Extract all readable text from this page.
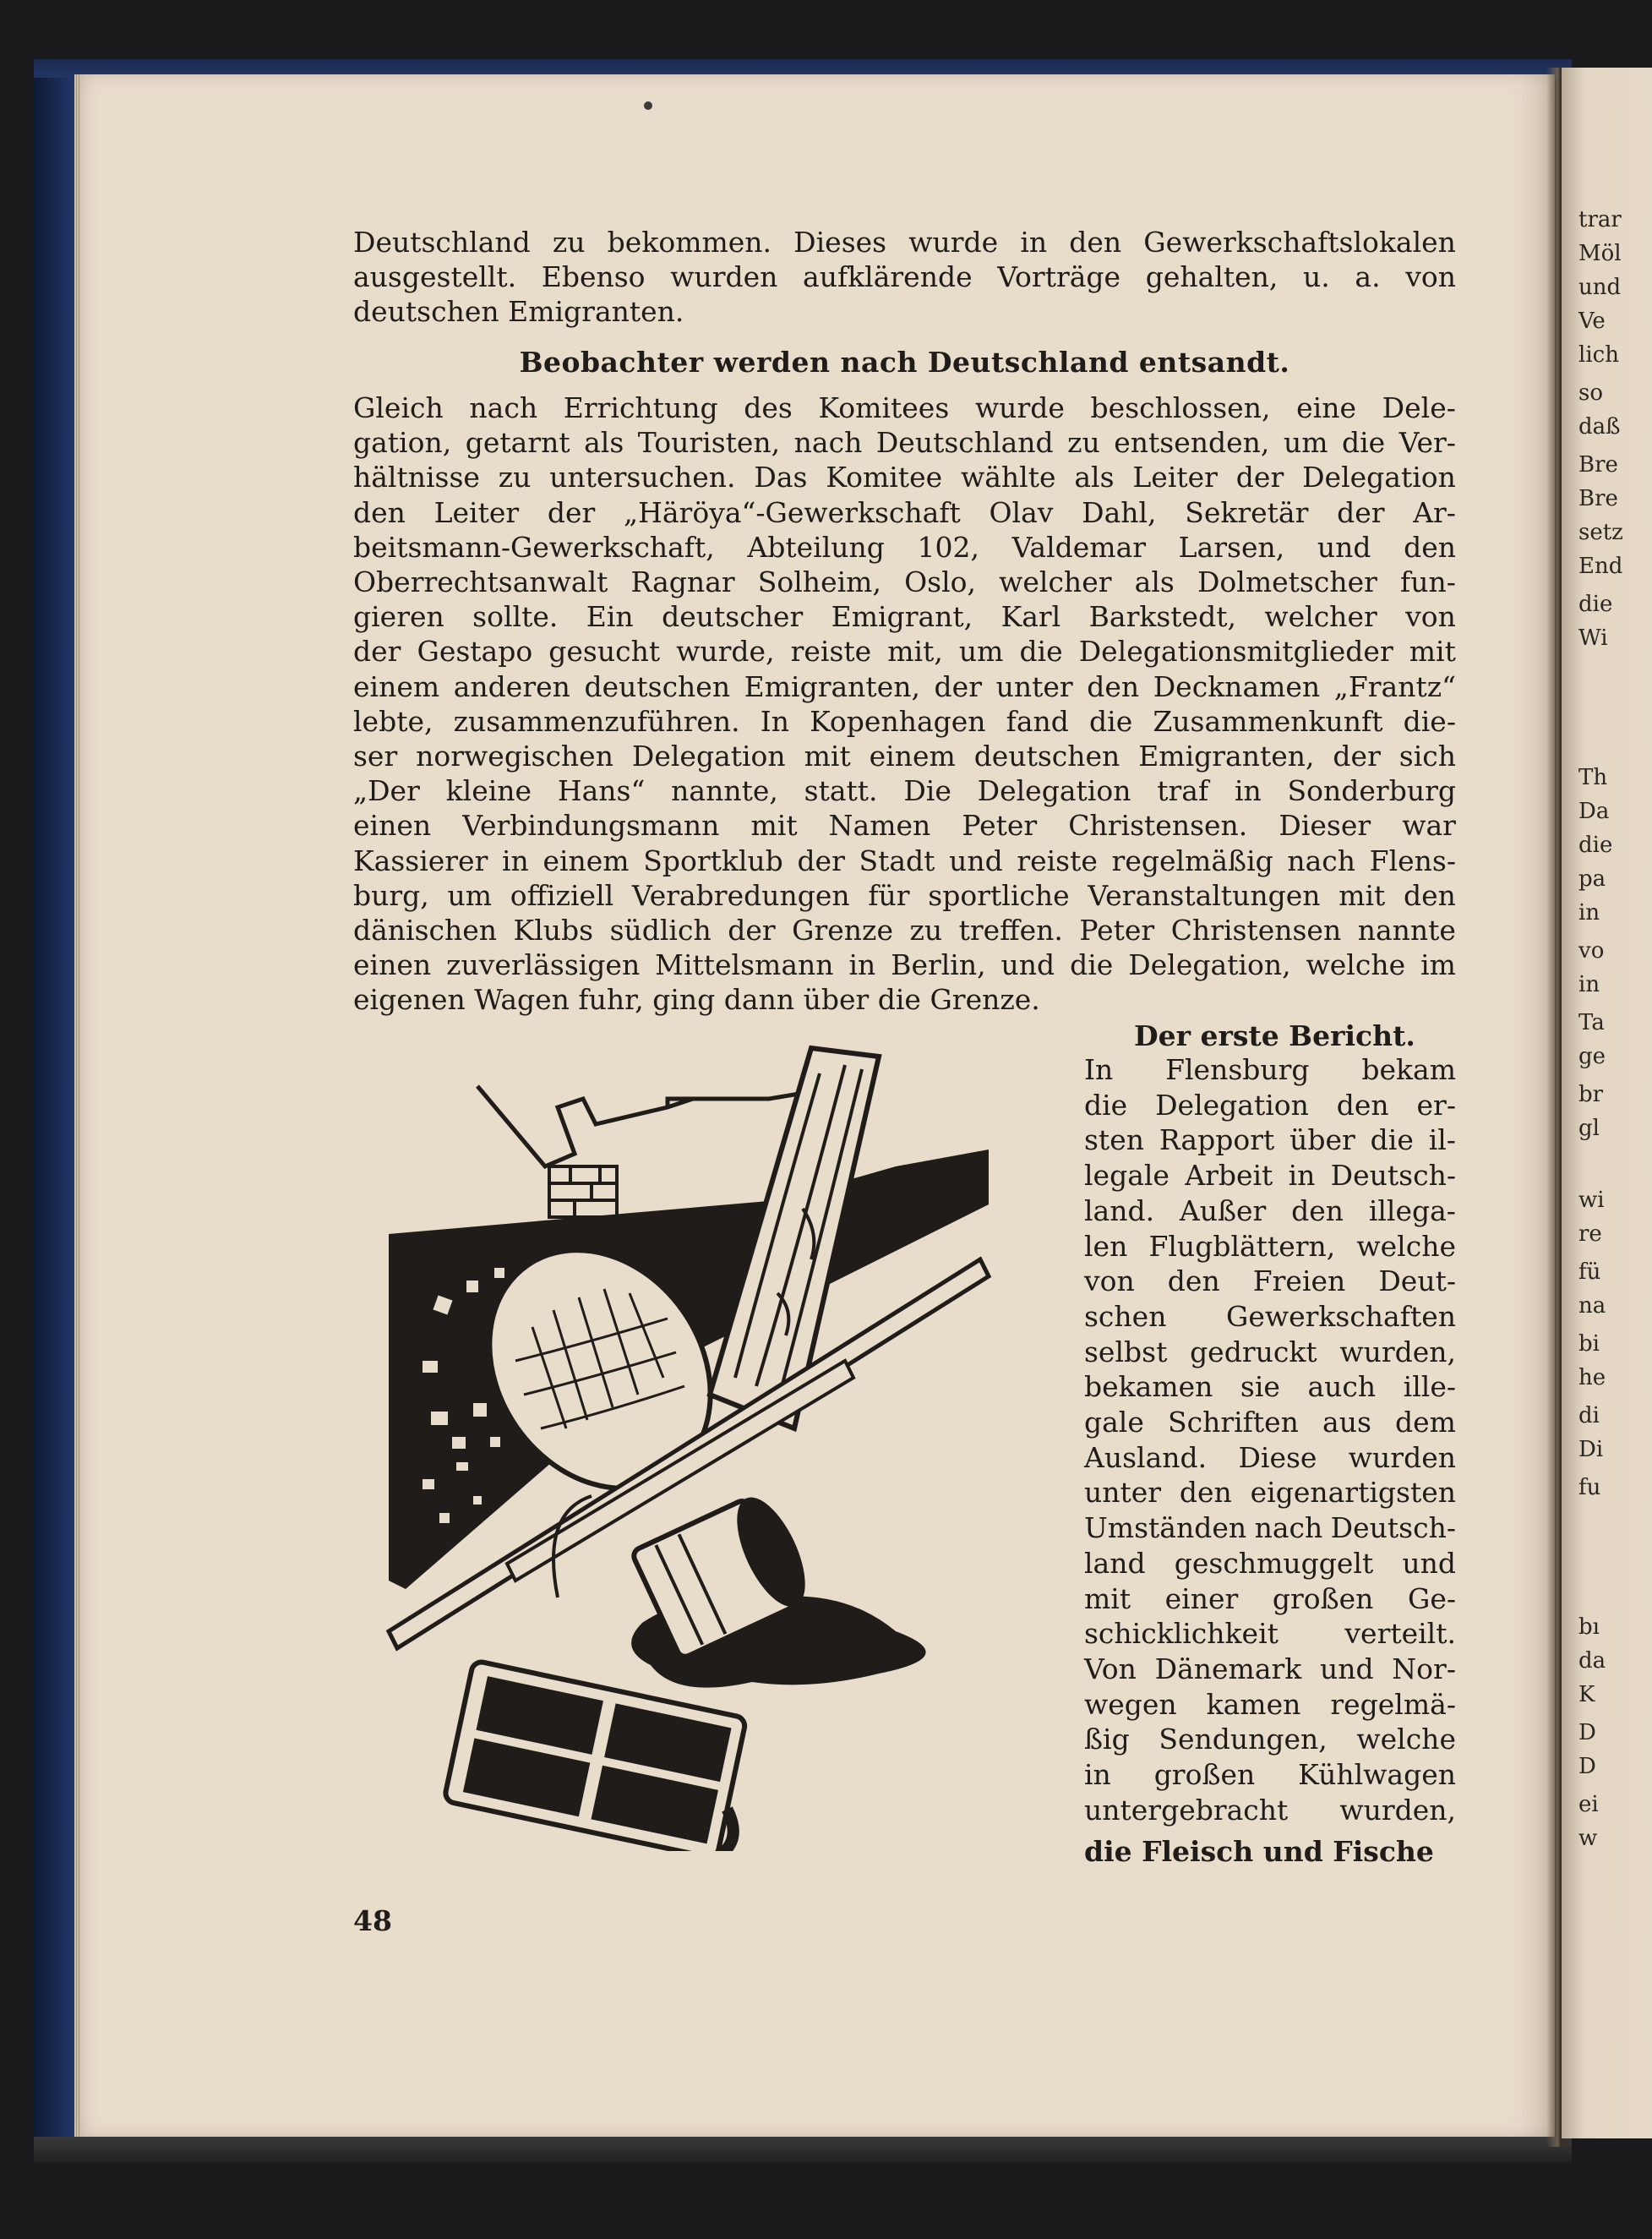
trar
Möl
und
Ve
lich
so
daß
Bre
Bre
setz
End
die
Wi
Th
Da
die
pa
in
vo
in
Ta
ge
br
gl
wi
re
fü
na
bi
he
di
Di
fu
bı
da
K
D
D
ei
w
Deutschland zu bekommen. Dieses wurde in den Gewerkschaftslokalen
ausgestellt. Ebenso wurden aufklärende Vorträge gehalten, u. a. von
deutschen Emigranten.
Beobachter werden nach Deutschland entsandt.
Gleich nach Errichtung des Komitees wurde beschlossen, eine Dele-
gation, getarnt als Touristen, nach Deutschland zu entsenden, um die Ver-
hältnisse zu untersuchen. Das Komitee wählte als Leiter der Delegation
den Leiter der „Häröya“-Gewerkschaft Olav Dahl, Sekretär der Ar-
beitsmann-Gewerkschaft, Abteilung 102, Valdemar Larsen, und den
Oberrechtsanwalt Ragnar Solheim, Oslo, welcher als Dolmetscher fun-
gieren sollte. Ein deutscher Emigrant, Karl Barkstedt, welcher von
der Gestapo gesucht wurde, reiste mit, um die Delegationsmitglieder mit
einem anderen deutschen Emigranten, der unter den Decknamen „Frantz“
lebte, zusammenzuführen. In Kopenhagen fand die Zusammenkunft die-
ser norwegischen Delegation mit einem deutschen Emigranten, der sich
„Der kleine Hans“ nannte, statt. Die Delegation traf in Sonderburg
einen Verbindungsmann mit Namen Peter Christensen. Dieser war
Kassierer in einem Sportklub der Stadt und reiste regelmäßig nach Flens-
burg, um offiziell Verabredungen für sportliche Veranstaltungen mit den
dänischen Klubs südlich der Grenze zu treffen. Peter Christensen nannte
einen zuverlässigen Mittelsmann in Berlin, und die Delegation, welche im
eigenen Wagen fuhr, ging dann über die Grenze.
Der erste Bericht.
In Flensburg bekam
die Delegation den er-
sten Rapport über die il-
legale Arbeit in Deutsch-
land. Außer den illega-
len Flugblättern, welche
von den Freien Deut-
schen Gewerkschaften
selbst gedruckt wurden,
bekamen sie auch ille-
gale Schriften aus dem
Ausland. Diese wurden
unter den eigenartigsten
Umständen nach Deutsch-
land geschmuggelt und
mit einer großen Ge-
schicklichkeit verteilt.
Von Dänemark und Nor-
wegen kamen regelmä-
ßig Sendungen, welche
in großen Kühlwagen
untergebracht wurden,
die Fleisch und Fische
48
